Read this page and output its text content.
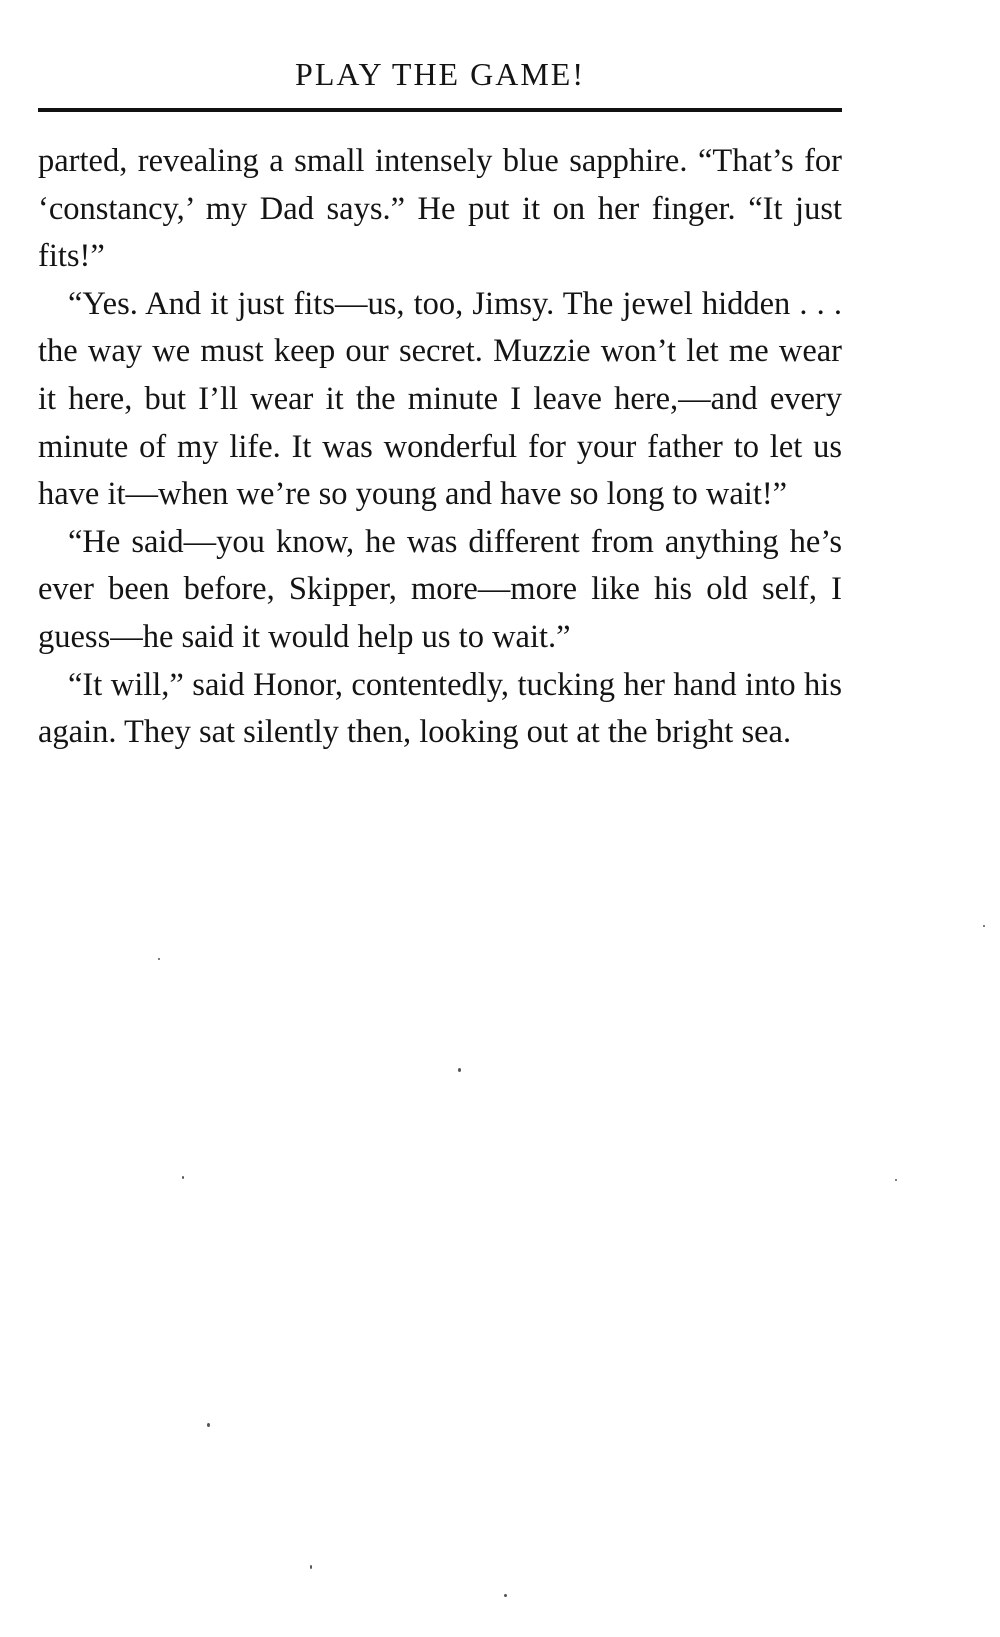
PLAY THE GAME!

parted, revealing a small intensely blue sapphire. “That’s for ‘constancy,’ my Dad says.” He put it on her finger. “It just fits!”

“Yes. And it just fits—us, too, Jimsy. The jewel hidden . . . the way we must keep our secret. Muzzie won’t let me wear it here, but I’ll wear it the minute I leave here,—and every minute of my life. It was wonderful for your father to let us have it—when we’re so young and have so long to wait!”

“He said—you know, he was different from anything he’s ever been before, Skipper, more—more like his old self, I guess—he said it would help us to wait.”

“It will,” said Honor, contentedly, tucking her hand into his again. They sat silently then, looking out at the bright sea.
